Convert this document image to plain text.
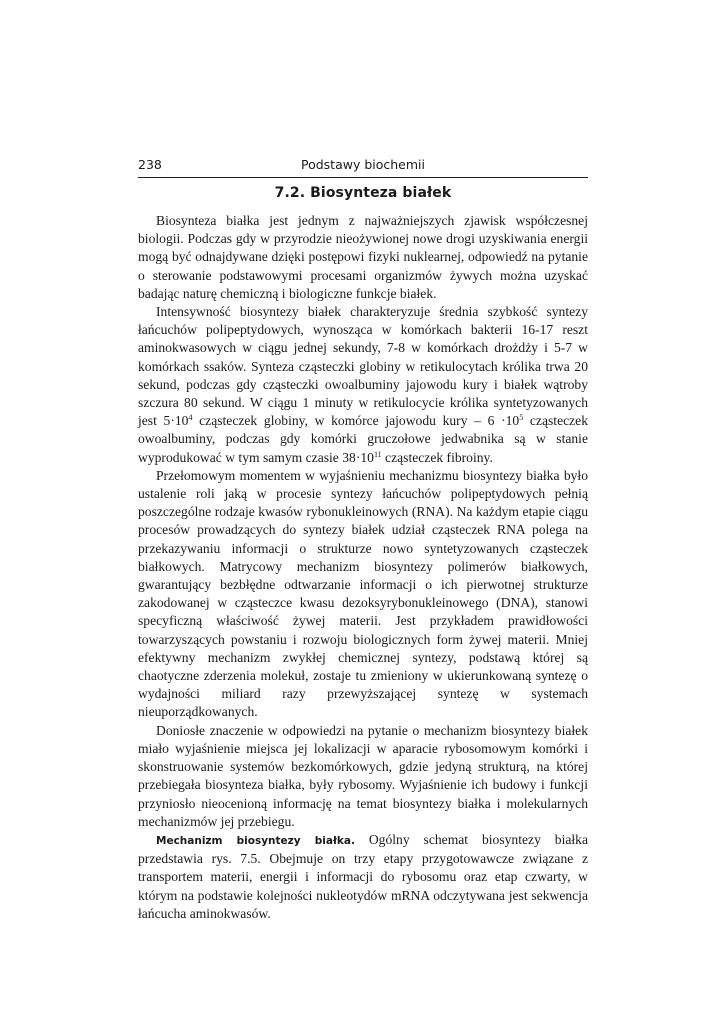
238	Podstawy biochemii
7.2. Biosynteza białek

Biosynteza białka jest jednym z najważniejszych zjawisk współczesnej biologii. Podczas gdy w przyrodzie nieożywionej nowe drogi uzyskiwania energii mogą być odnajdywane dzięki postępowi fizyki nuklearnej, odpowiedź na pytanie o sterowanie podstawowymi procesami organizmów żywych można uzyskać badając naturę chemiczną i biologiczne funkcje białek.

Intensywność biosyntezy białek charakteryzuje średnia szybkość syntezy łańcuchów polipeptydowych, wynosząca w komórkach bakterii 16-17 reszt aminokwasowych w ciągu jednej sekundy, 7-8 w komórkach drożdży i 5-7 w komórkach ssaków. Synteza cząsteczki globiny w retikulocytach królika trwa 20 sekund, podczas gdy cząsteczki owoalbuminy jajowodu kury i białek wątroby szczura 80 sekund. W ciągu 1 minuty w retikulocycie królika syntetyzowanych jest $5\cdot 10^4$ cząsteczek globiny, w komórce jajowodu kury – $6 \cdot 10^5$ cząsteczek owoalbuminy, podczas gdy komórki gruczołowe jedwabnika są w stanie wyprodukować w tym samym czasie $38\cdot 10^{11}$ cząsteczek fibroiny.

Przełomowym momentem w wyjaśnieniu mechanizmu biosyntezy białka było ustalenie roli jaką w procesie syntezy łańcuchów polipeptydowych pełnią poszczególne rodzaje kwasów rybonukleinowych (RNA). Na każdym etapie ciągu procesów prowadzących do syntezy białek udział cząsteczek RNA polega na przekazywaniu informacji o strukturze nowo syntetyzowanych cząsteczek białkowych. Matrycowy mechanizm biosyntezy polimerów białkowych, gwarantujący bezbłędne odtwarzanie informacji o ich pierwotnej strukturze zakodowanej w cząsteczce kwasu dezoksyrybonukleinowego (DNA), stanowi specyficzną właściwość żywej materii. Jest przykładem prawidłowości towarzyszących powstaniu i rozwoju biologicznych form żywej materii. Mniej efektywny mechanizm zwykłej chemicznej syntezy, podstawą której są chaotyczne zderzenia molekuł, zostaje tu zmieniony w ukierunkowaną syntezę o wydajności miliard razy przewyższającej syntezę w systemach nieuporządkowanych.

Doniosłe znaczenie w odpowiedzi na pytanie o mechanizm biosyntezy białek miało wyjaśnienie miejsca jej lokalizacji w aparacie rybosomowym komórki i skonstruowanie systemów bezkomórkowych, gdzie jedyną strukturą, na której przebiegała biosynteza białka, były rybosomy. Wyjaśnienie ich budowy i funkcji przyniosło nieocenioną informację na temat biosyntezy białka i molekularnych mechanizmów jej przebiegu.

Mechanizm biosyntezy białka. Ogólny schemat biosyntezy białka przedstawia rys. 7.5. Obejmuje on trzy etapy przygotowawcze związane z transportem materii, energii i informacji do rybosomu oraz etap czwarty, w którym na podstawie kolejności nukleotydów mRNA odczytywana jest sekwencja łańcucha aminokwasów.
